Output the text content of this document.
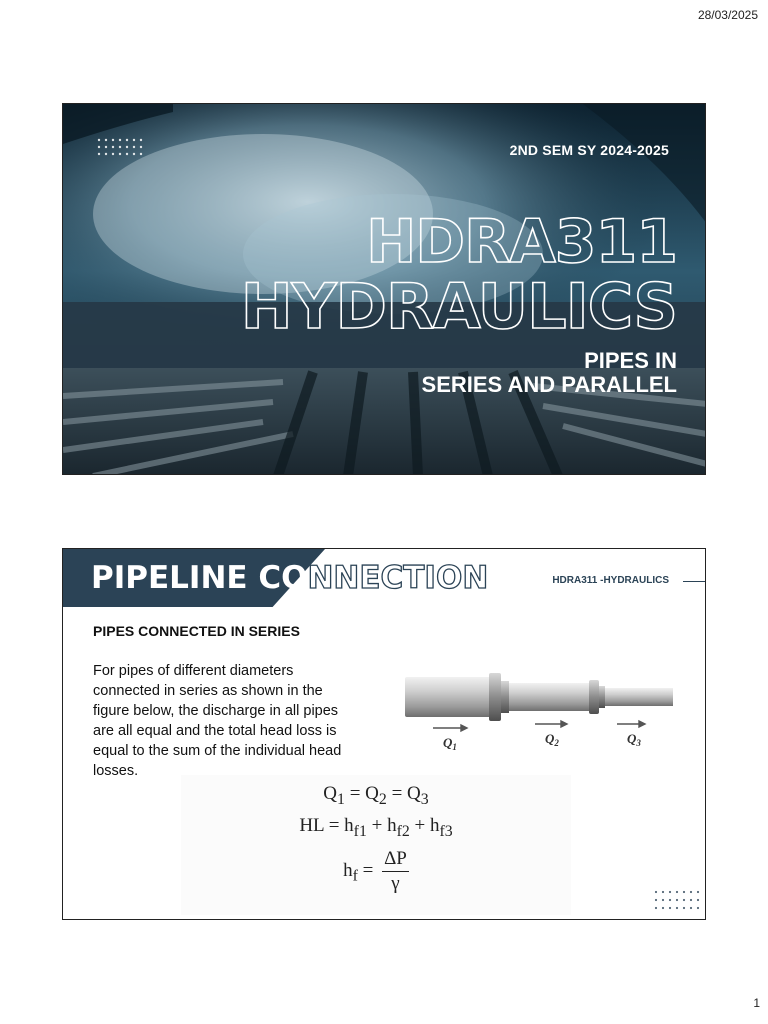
28/03/2025
2ND SEM SY 2024-2025
HDRA311
HYDRAULICS
PIPES IN
SERIES AND PARALLEL
PIPELINE CONNECTION	HDRA311 -HYDRAULICS
PIPES CONNECTED IN SERIES

For pipes of different diameters connected in series as shown in the figure below, the discharge in all pipes are all equal and the total head loss is equal to the sum of the individual head losses.

$Q_1$
$Q_2$	$Q_3$
$Q_1 = Q_2 = Q_3$
HL = $h_{f1} + h_{f2} + h_{f3}$
$h_f = \frac{\Delta P}{\gamma}$
1
